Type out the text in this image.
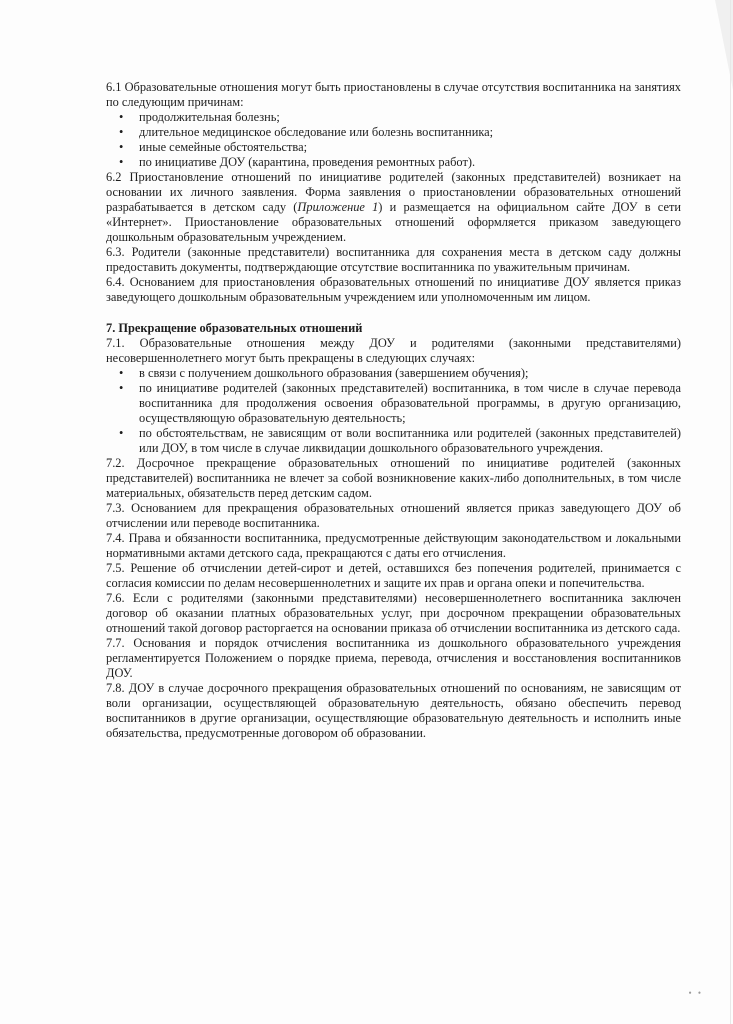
6.1 Образовательные отношения могут быть приостановлены в случае отсутствия воспитанника на занятиях по следующим причинам:

• продолжительная болезнь;
• длительное медицинское обследование или болезнь воспитанника;
• иные семейные обстоятельства;
• по инициативе ДОУ (карантина, проведения ремонтных работ).

6.2 Приостановление отношений по инициативе родителей (законных представителей) возникает на основании их личного заявления. Форма заявления о приостановлении образовательных отношений разрабатывается в детском саду (Приложение 1) и размещается на официальном сайте ДОУ в сети «Интернет». Приостановление образовательных отношений оформляется приказом заведующего дошкольным образовательным учреждением.

6.3. Родители (законные представители) воспитанника для сохранения места в детском саду должны предоставить документы, подтверждающие отсутствие воспитанника по уважительным причинам.

6.4. Основанием для приостановления образовательных отношений по инициативе ДОУ является приказ заведующего дошкольным образовательным учреждением или уполномоченным им лицом.

7. Прекращение образовательных отношений

7.1. Образовательные отношения между ДОУ и родителями (законными представителями) несовершеннолетнего могут быть прекращены в следующих случаях:

• в связи с получением дошкольного образования (завершением обучения);
• по инициативе родителей (законных представителей) воспитанника, в том числе в случае перевода воспитанника для продолжения освоения образовательной программы, в другую организацию, осуществляющую образовательную деятельность;
• по обстоятельствам, не зависящим от воли воспитанника или родителей (законных представителей) или ДОУ, в том числе в случае ликвидации дошкольного образовательного учреждения.

7.2. Досрочное прекращение образовательных отношений по инициативе родителей (законных представителей) воспитанника не влечет за собой возникновение каких-либо дополнительных, в том числе материальных, обязательств перед детским садом.

7.3. Основанием для прекращения образовательных отношений является приказ заведующего ДОУ об отчислении или переводе воспитанника.

7.4. Права и обязанности воспитанника, предусмотренные действующим законодательством и локальными нормативными актами детского сада, прекращаются с даты его отчисления.

7.5. Решение об отчислении детей-сирот и детей, оставшихся без попечения родителей, принимается с согласия комиссии по делам несовершеннолетних и защите их прав и органа опеки и попечительства.

7.6. Если с родителями (законными представителями) несовершеннолетнего воспитанника заключен договор об оказании платных образовательных услуг, при досрочном прекращении образовательных отношений такой договор расторгается на основании приказа об отчислении воспитанника из детского сада.

7.7. Основания и порядок отчисления воспитанника из дошкольного образовательного учреждения регламентируется Положением о порядке приема, перевода, отчисления и восстановления воспитанников ДОУ.

7.8. ДОУ в случае досрочного прекращения образовательных отношений по основаниям, не зависящим от воли организации, осуществляющей образовательную деятельность, обязано обеспечить перевод воспитанников в другие организации, осуществляющие образовательную деятельность и исполнить иные обязательства, предусмотренные договором об образовании.

• •
